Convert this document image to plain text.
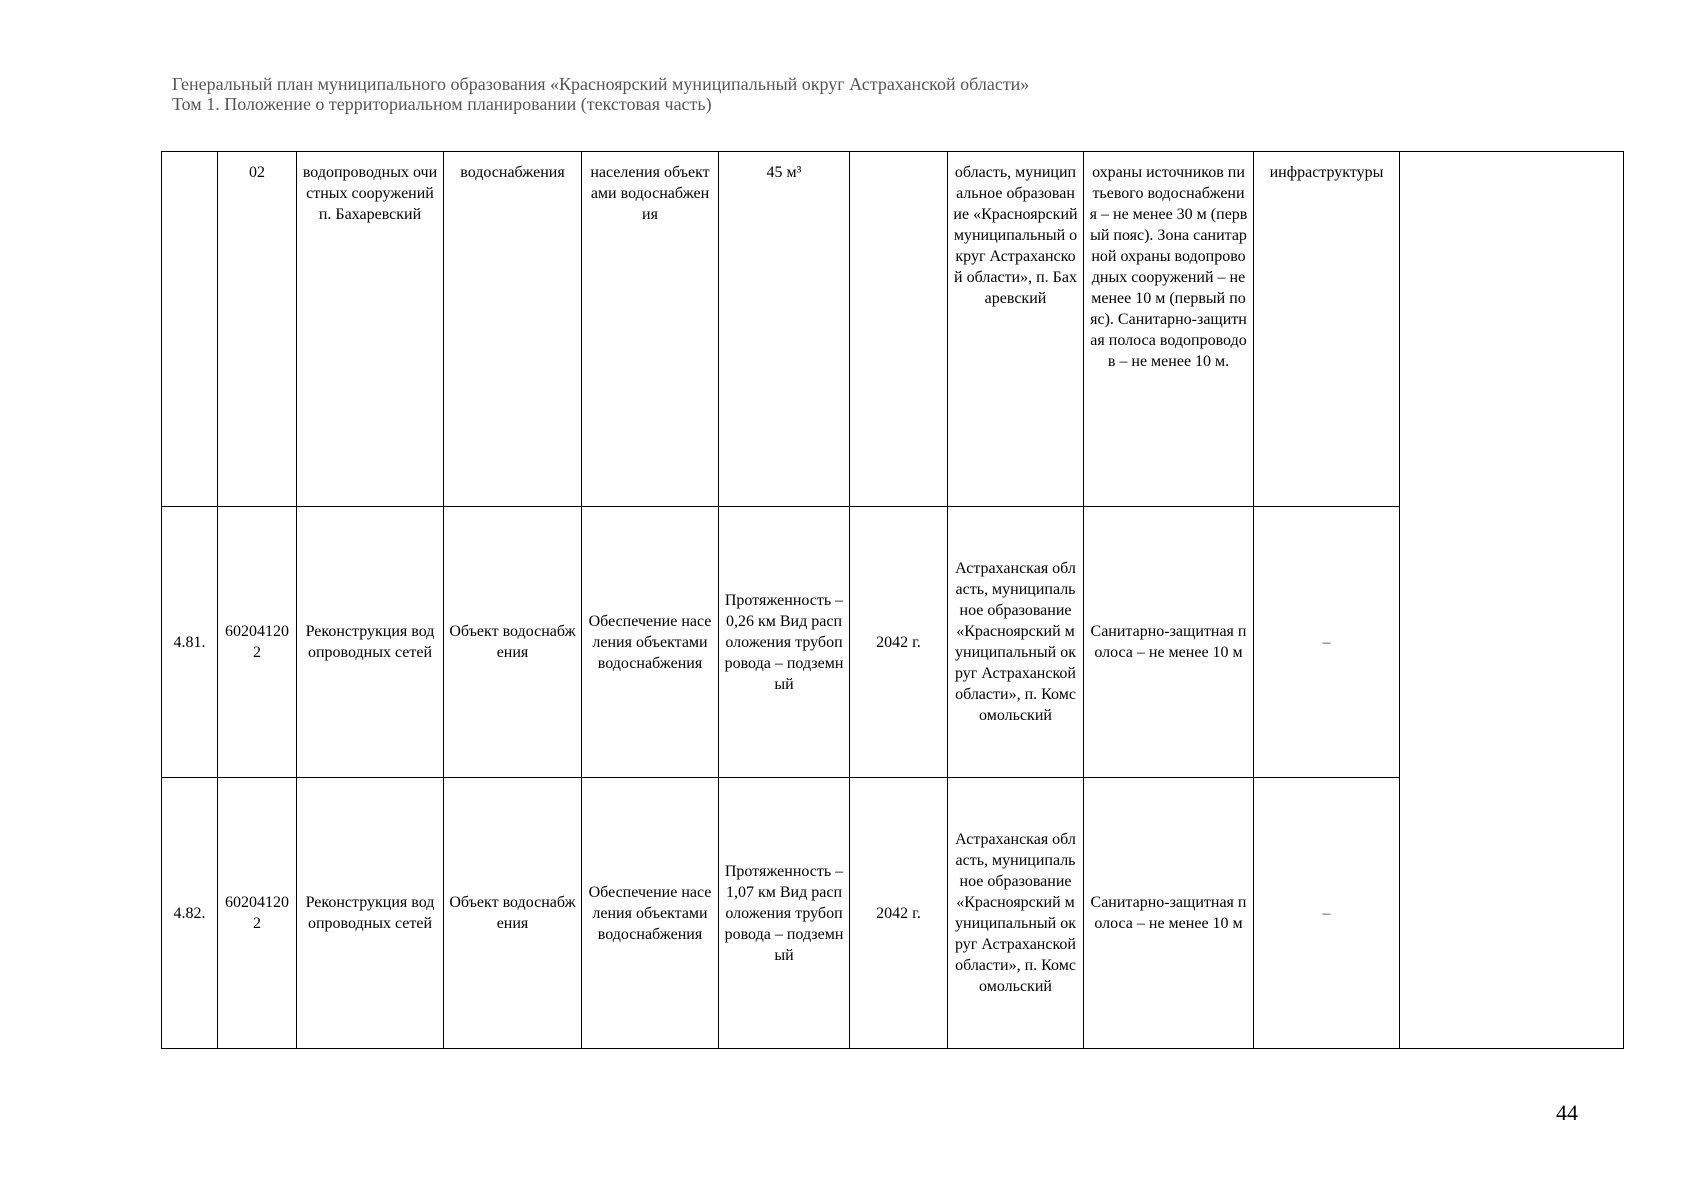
Генеральный план муниципального образования «Красноярский муниципальный округ Астраханской области»
Том 1. Положение о территориальном планировании (текстовая часть)
	02	водопроводных очистных сооружений п. Бахаревский	водоснабжения	населения объектами водоснабжения	45 м³		область, муниципальное образование «Красноярский муниципальный округ Астраханской области», п. Бахаревский	охраны источников питьевого водоснабжения – не менее 30 м (первый пояс). Зона санитарной охраны водопроводных сооружений – не менее 10 м (первый пояс). Санитарно-защитная полоса водопроводов – не менее 10 м.	инфраструктуры	
4.81.	602041202	Реконструкция водопроводных сетей	Объект водоснабжения	Обеспечение населения объектами водоснабжения	Протяженность – 0,26 км Вид расположения трубопровода – подземный	2042 г.	Астраханская область, муниципальное образование «Красноярский муниципальный округ Астраханской области», п. Комсомольский	Санитарно-защитная полоса – не менее 10 м	–	
4.82.	602041202	Реконструкция водопроводных сетей	Объект водоснабжения	Обеспечение населения объектами водоснабжения	Протяженность – 1,07 км Вид расположения трубопровода – подземный	2042 г.	Астраханская область, муниципальное образование «Красноярский муниципальный округ Астраханской области», п. Комсомольский	Санитарно-защитная полоса – не менее 10 м	–	
44
